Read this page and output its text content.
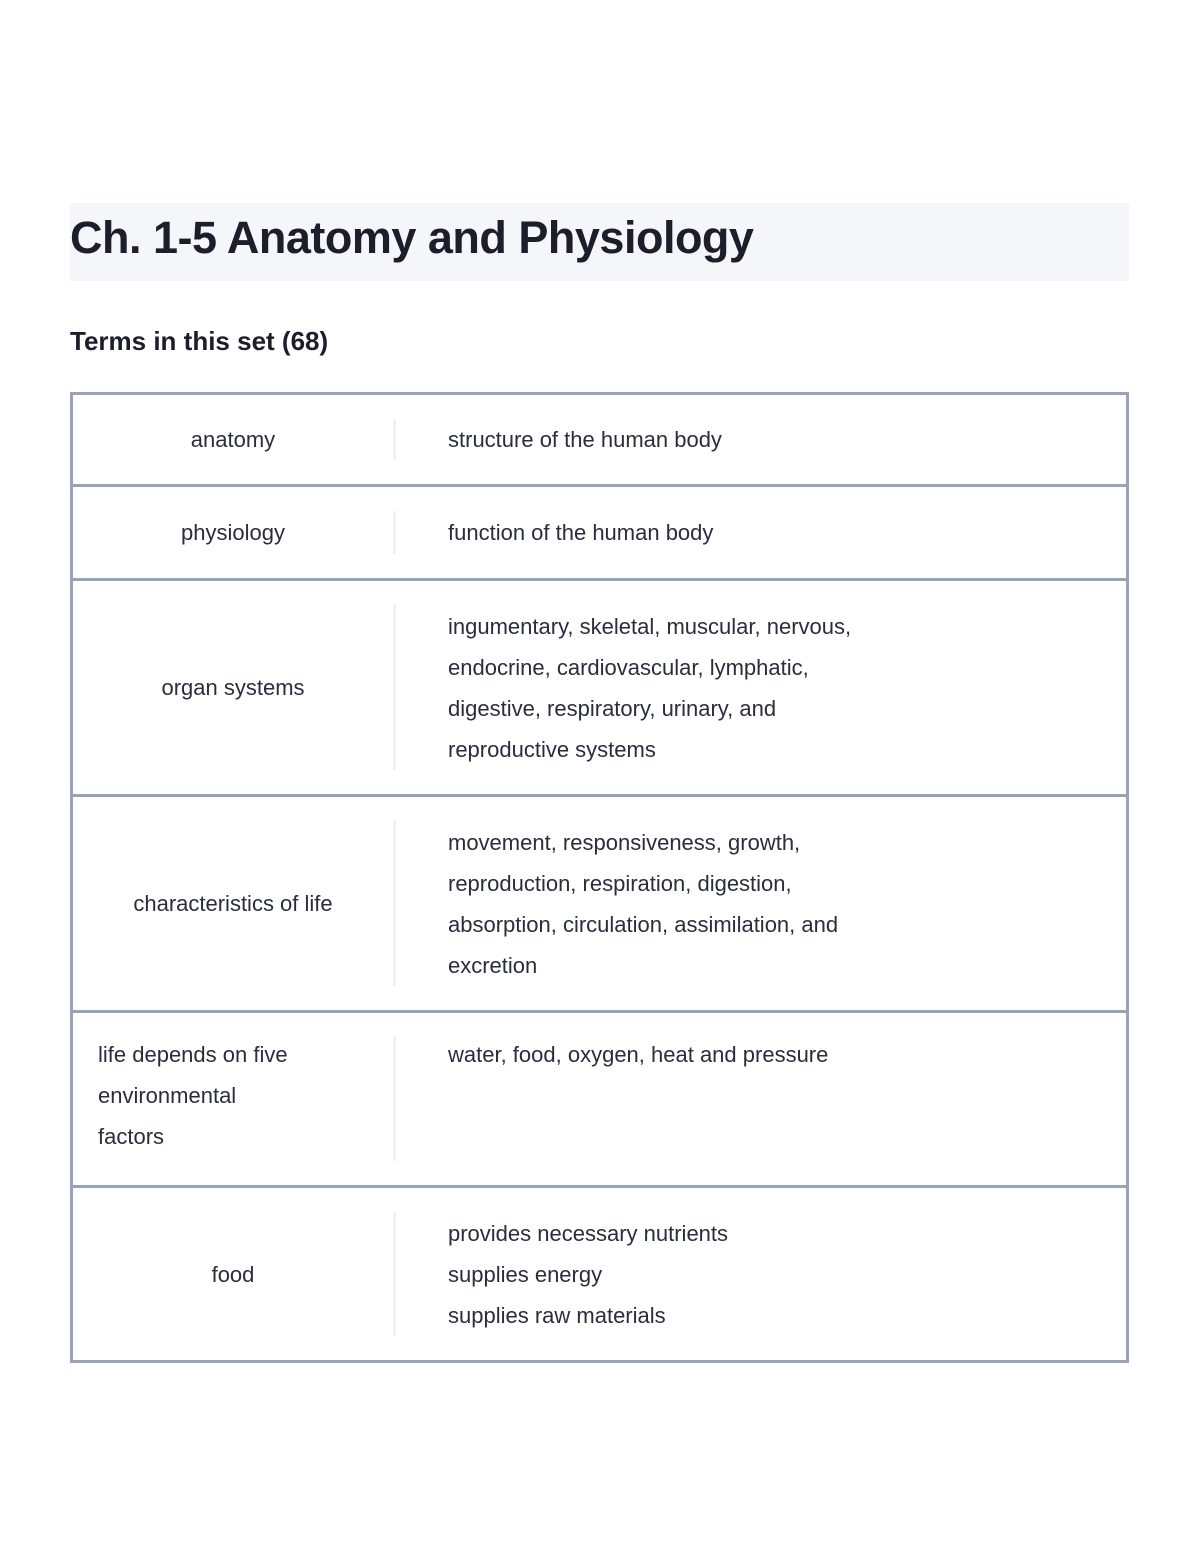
Ch. 1-5 Anatomy and Physiology
Terms in this set (68)
anatomy	structure of the human body
physiology	function of the human body
organ systems
ingumentary, skeletal, muscular, nervous,
endocrine, cardiovascular, lymphatic,
digestive, respiratory, urinary, and
reproductive systems
characteristics of life
movement, responsiveness, growth,
reproduction, respiration, digestion,
absorption, circulation, assimilation, and
excretion
life depends on five
environmental
factors
water, food, oxygen, heat and pressure
food
provides necessary nutrients
supplies energy
supplies raw materials
